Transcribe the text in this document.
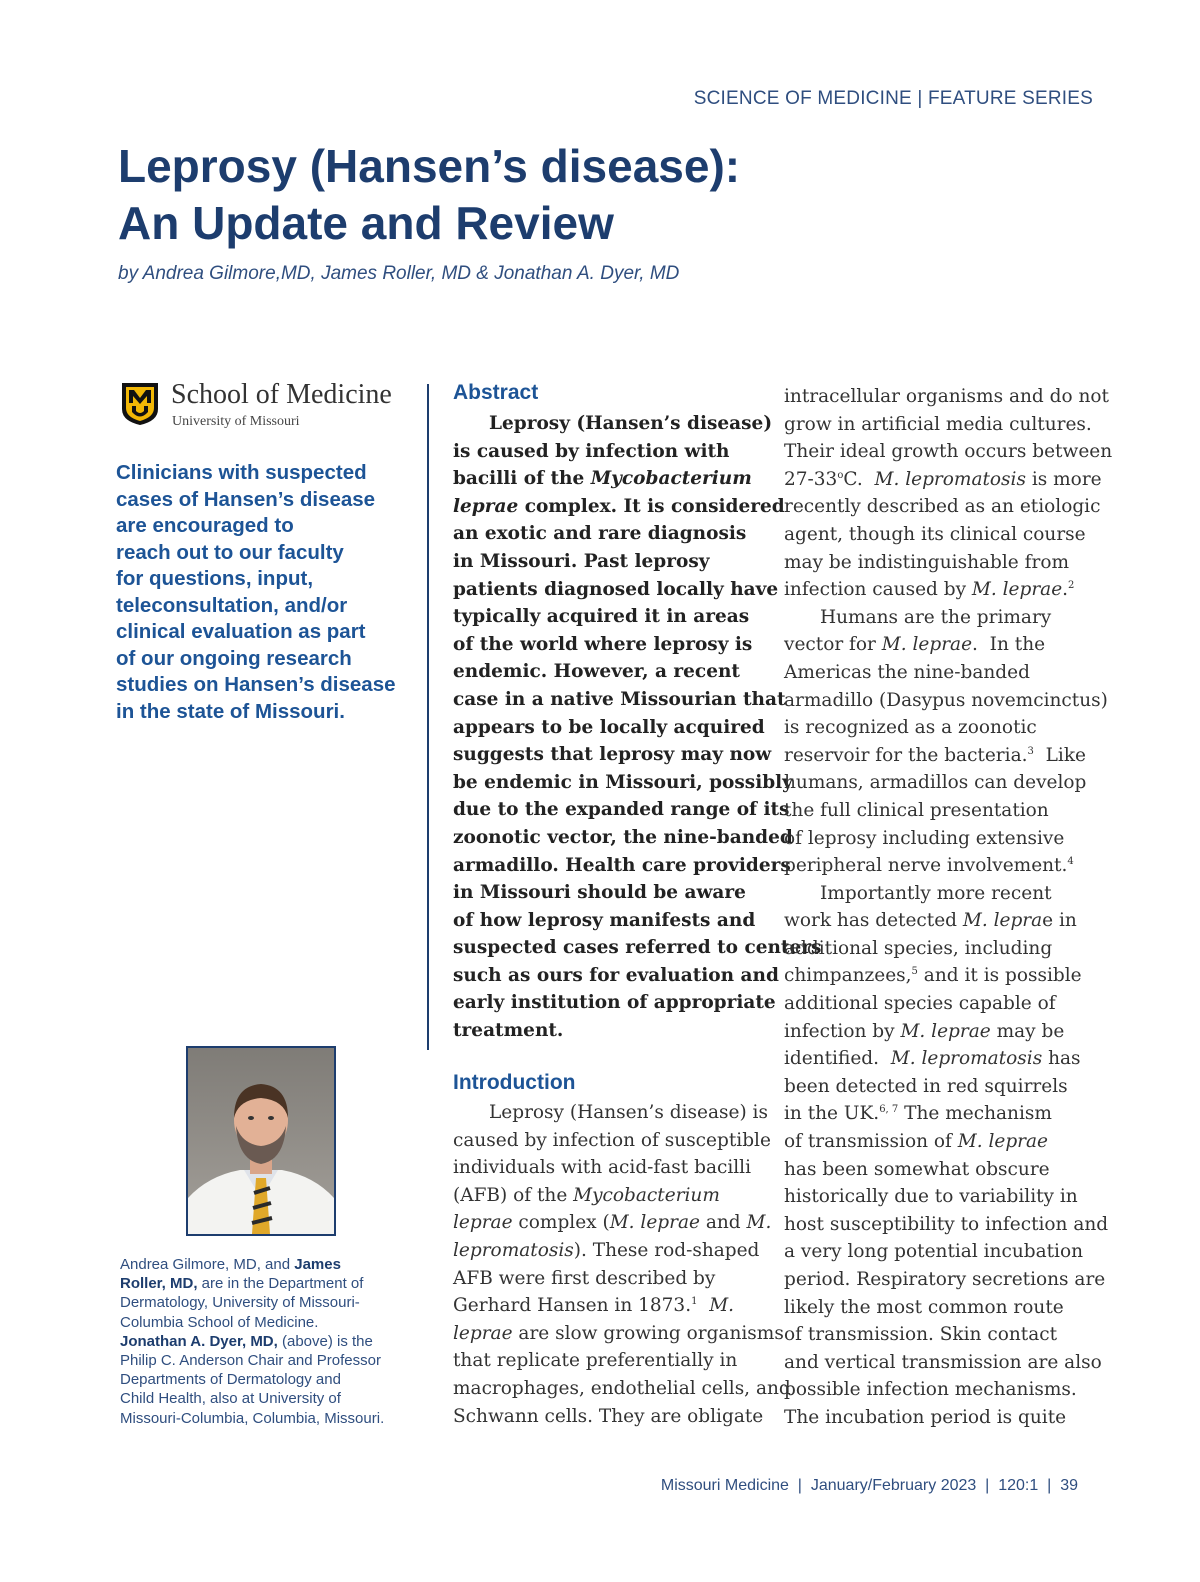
SCIENCE OF MEDICINE | FEATURE SERIES
Leprosy (Hansen’s disease):
An Update and Review
by Andrea Gilmore,MD, James Roller, MD & Jonathan A. Dyer, MD
School of Medicine
University of Missouri
Clinicians with suspected
cases of Hansen’s disease
are encouraged to
reach out to our faculty
for questions, input,
teleconsultation, and/or
clinical evaluation as part
of our ongoing research
studies on Hansen’s disease
in the state of Missouri.
Andrea Gilmore, MD, and James
Roller, MD, are in the Department of
Dermatology, University of Missouri-
Columbia School of Medicine.
Jonathan A. Dyer, MD, (above) is the
Philip C. Anderson Chair and Professor
Departments of Dermatology and
Child Health, also at University of
Missouri-Columbia, Columbia, Missouri.
Abstract
Leprosy (Hansen’s disease)
is caused by infection with
bacilli of the Mycobacterium
leprae complex. It is considered
an exotic and rare diagnosis
in Missouri. Past leprosy
patients diagnosed locally have
typically acquired it in areas
of the world where leprosy is
endemic. However, a recent
case in a native Missourian that
appears to be locally acquired
suggests that leprosy may now
be endemic in Missouri, possibly
due to the expanded range of its
zoonotic vector, the nine-banded
armadillo. Health care providers
in Missouri should be aware
of how leprosy manifests and
suspected cases referred to centers
such as ours for evaluation and
early institution of appropriate
treatment.
Introduction
Leprosy (Hansen’s disease) is
caused by infection of susceptible
individuals with acid-fast bacilli
(AFB) of the Mycobacterium
leprae complex (M. leprae and M.
lepromatosis). These rod-shaped
AFB were first described by
Gerhard Hansen in 1873.$^1$  M.
leprae are slow growing organisms
that replicate preferentially in
macrophages, endothelial cells, and
Schwann cells. They are obligate
intracellular organisms and do not
grow in artificial media cultures.
Their ideal growth occurs between
27-33$^o$C.  M. lepromatosis is more
recently described as an etiologic
agent, though its clinical course
may be indistinguishable from
infection caused by M. leprae.$^2$
Humans are the primary
vector for M. leprae.  In the
Americas the nine-banded
armadillo (Dasypus novemcinctus)
is recognized as a zoonotic
reservoir for the bacteria.$^3$  Like
humans, armadillos can develop
the full clinical presentation
of leprosy including extensive
peripheral nerve involvement.$^4$
Importantly more recent
work has detected M. leprae in
additional species, including
chimpanzees,$^5$ and it is possible
additional species capable of
infection by M. leprae may be
identified.  M. lepromatosis has
been detected in red squirrels
in the UK.$^{6, 7}$ The mechanism
of transmission of M. leprae
has been somewhat obscure
historically due to variability in
host susceptibility to infection and
a very long potential incubation
period. Respiratory secretions are
likely the most common route
of transmission. Skin contact
and vertical transmission are also
possible infection mechanisms.
The incubation period is quite
Missouri Medicine  |  January/February 2023  |  120:1  |  39
